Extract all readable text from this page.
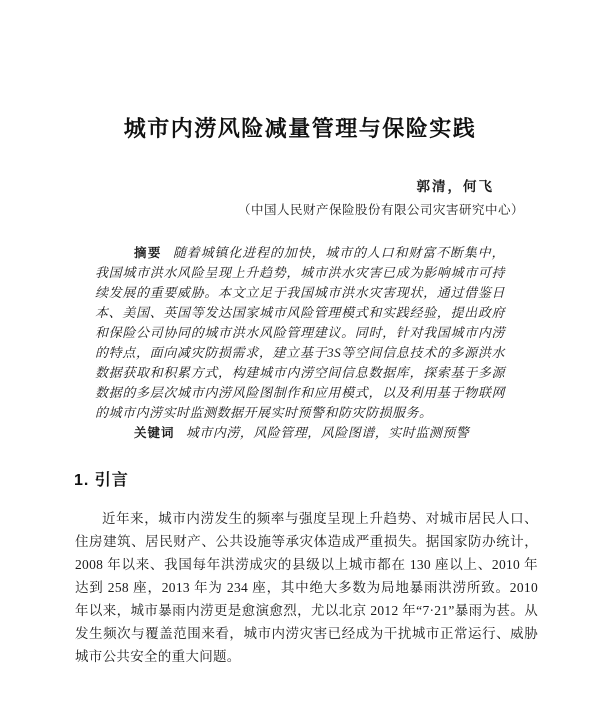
城市内涝风险减量管理与保险实践
郭清，何飞
（中国人民财产保险股份有限公司灾害研究中心）

摘要 随着城镇化进程的加快，城市的人口和财富不断集中，我国城市洪水风险呈现上升趋势，城市洪水灾害已成为影响城市可持续发展的重要威胁。本文立足于我国城市洪水灾害现状，通过借鉴日本、美国、英国等发达国家城市风险管理模式和实践经验，提出政府和保险公司协同的城市洪水风险管理建议。同时，针对我国城市内涝的特点，面向减灾防损需求，建立基于3S等空间信息技术的多源洪水数据获取和积累方式，构建城市内涝空间信息数据库，探索基于多源数据的多层次城市内涝风险图制作和应用模式，以及利用基于物联网的城市内涝实时监测数据开展实时预警和防灾防损服务。

关键词 城市内涝，风险管理，风险图谱，实时监测预警

1. 引言

近年来，城市内涝发生的频率与强度呈现上升趋势、对城市居民人口、住房建筑、居民财产、公共设施等承灾体造成严重损失。据国家防办统计，2008 年以来、我国每年洪涝成灾的县级以上城市都在 130 座以上、2010 年达到 258 座，2013 年为 234 座，其中绝大多数为局地暴雨洪涝所致。2010 年以来，城市暴雨内涝更是愈演愈烈，尤以北京 2012 年“7·21”暴雨为甚。从发生频次与覆盖范围来看，城市内涝灾害已经成为干扰城市正常运行、威胁城市公共安全的重大问题。
